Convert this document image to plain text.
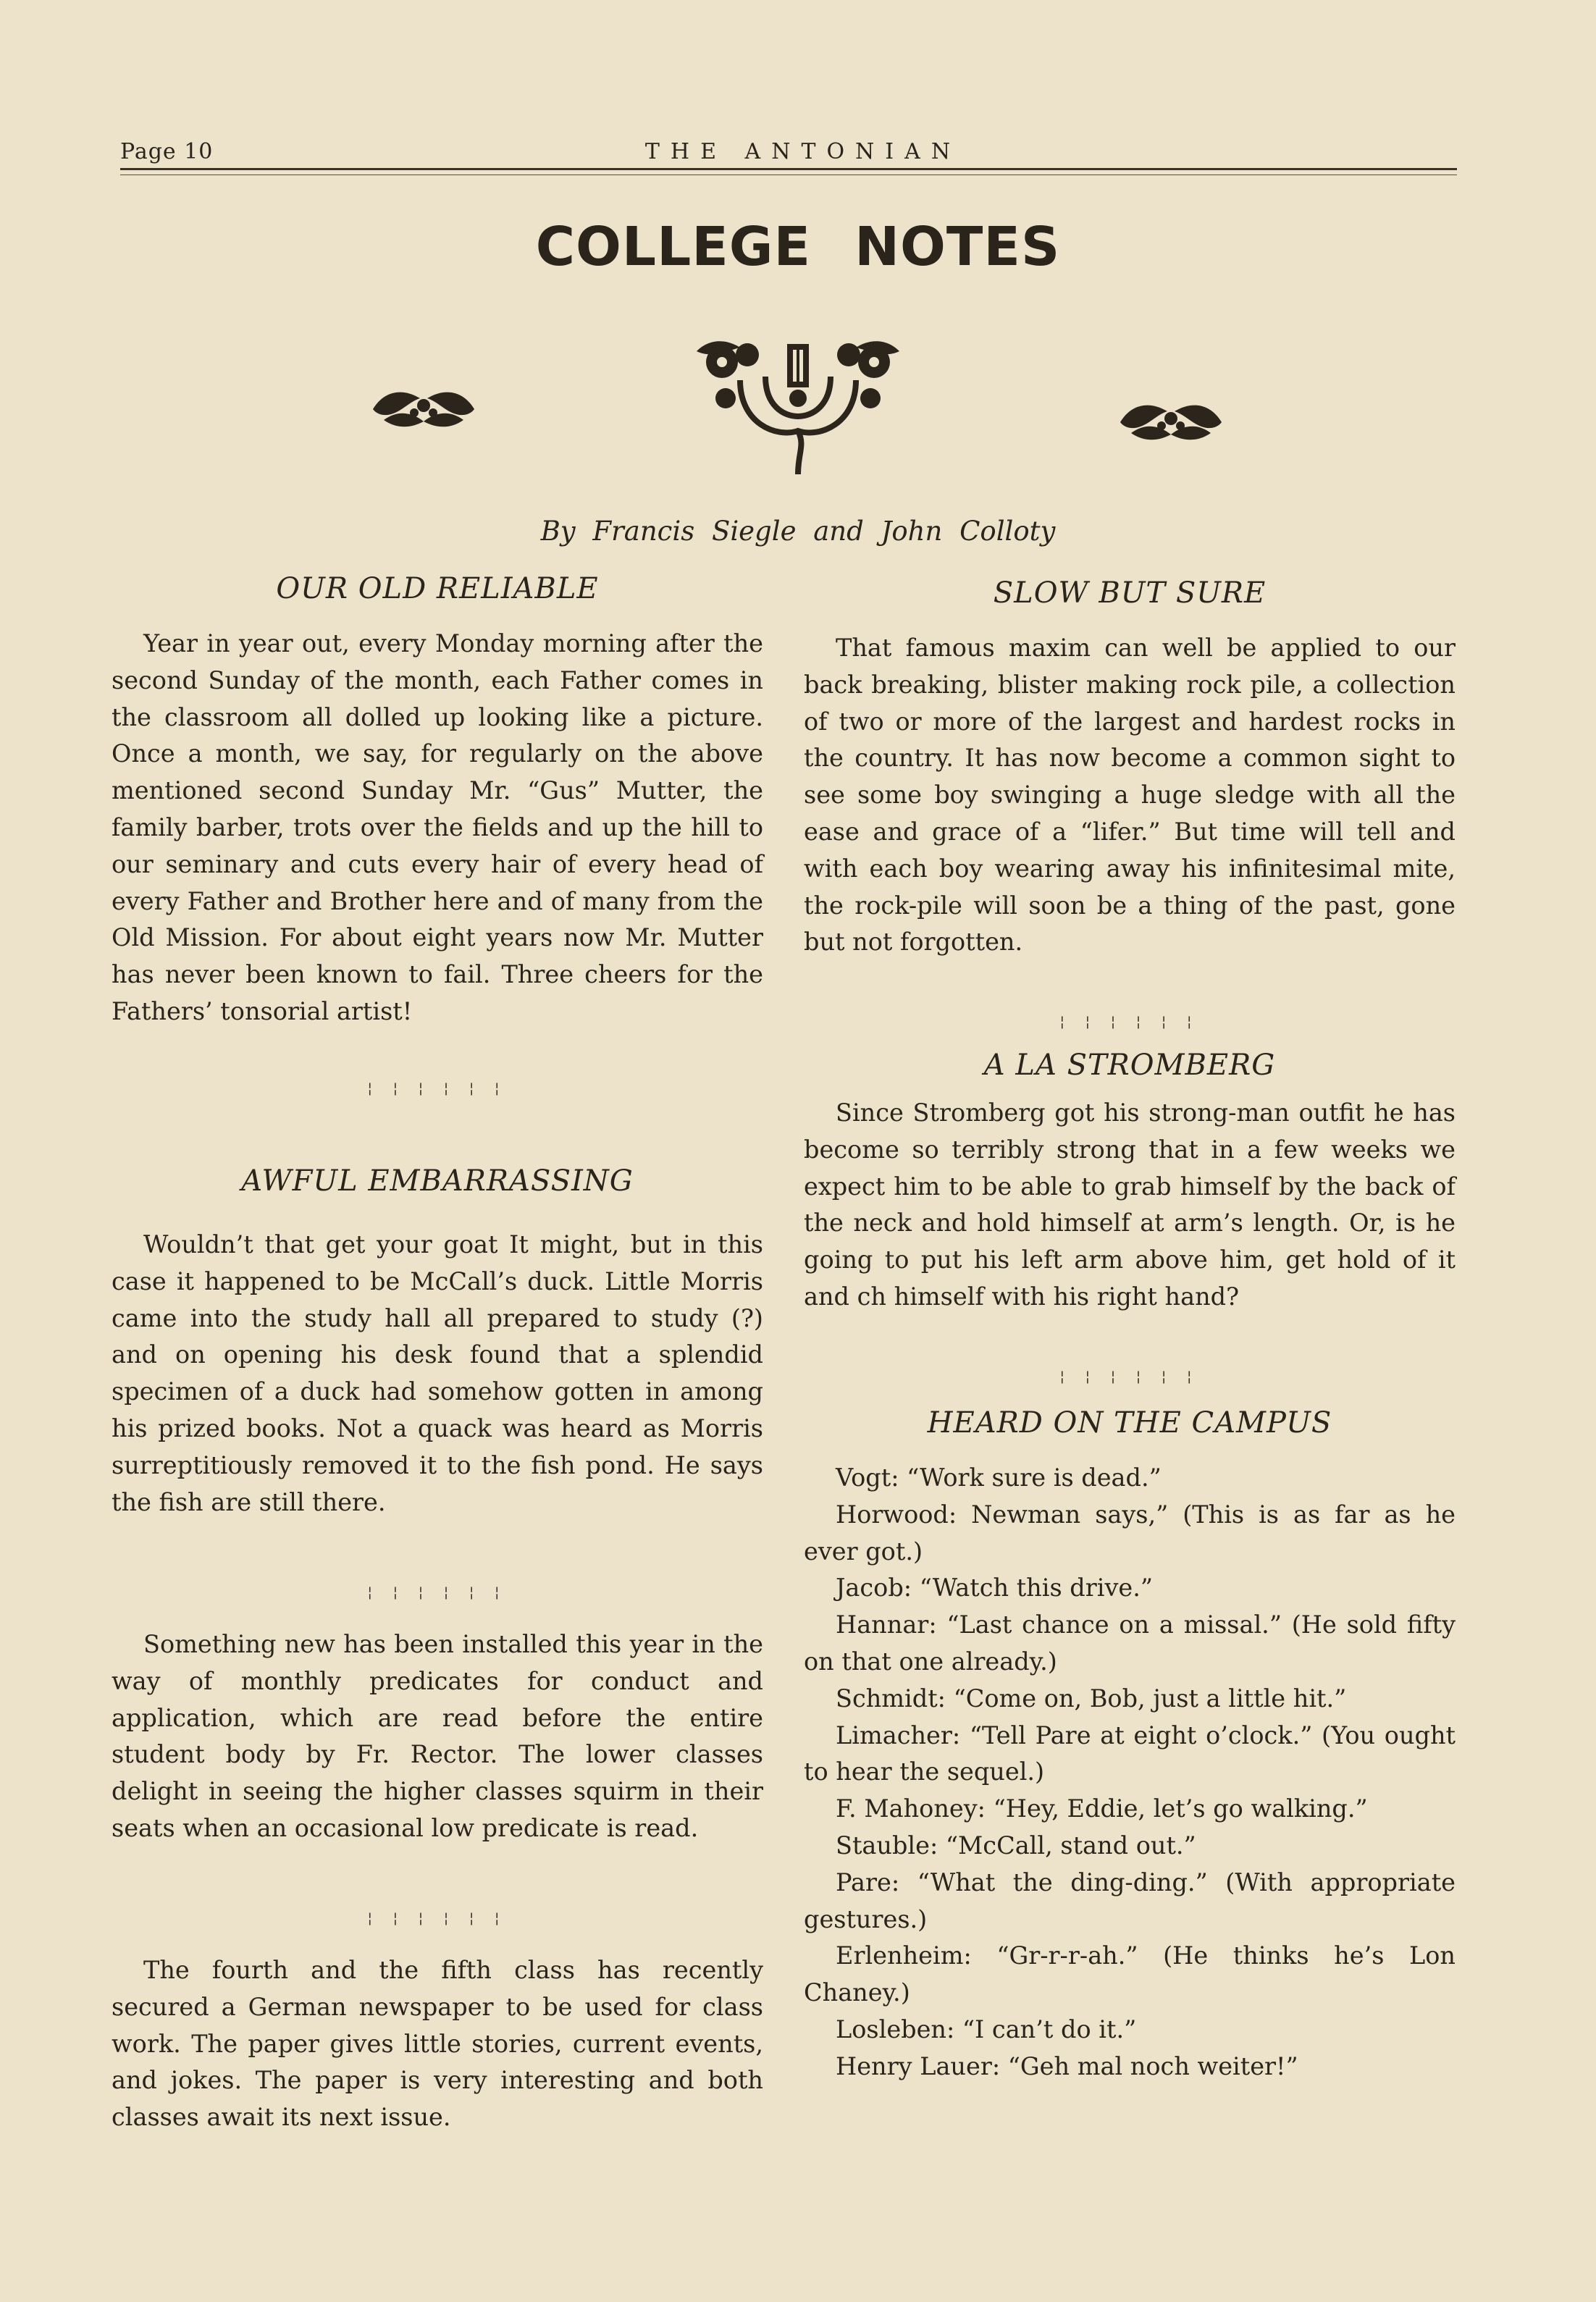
Page 10	THE ANTONIAN
COLLEGE NOTES
By Francis Siegle and John Colloty
OUR OLD RELIABLE

Year in year out, every Monday morning after the second Sunday of the month, each Father comes in the classroom all dolled up looking like a picture. Once a month, we say, for regularly on the above mentioned second Sunday Mr. “Gus” Mutter, the family barber, trots over the fields and up the hill to our seminary and cuts every hair of every head of every Father and Brother here and of many from the Old Mission. For about eight years now Mr. Mutter has never been known to fail. Three cheers for the Fathers’ tonsorial artist!

¦ ¦ ¦ ¦ ¦ ¦
AWFUL EMBARRASSING

Wouldn’t that get your goat It might, but in this case it happened to be McCall’s duck. Little Morris came into the study hall all prepared to study (?) and on opening his desk found that a splendid specimen of a duck had somehow gotten in among his prized books. Not a quack was heard as Morris surreptitiously removed it to the fish pond. He says the fish are still there.

¦ ¦ ¦ ¦ ¦ ¦

Something new has been installed this year in the way of monthly predicates for conduct and application, which are read before the entire student body by Fr. Rector. The lower classes delight in seeing the higher classes squirm in their seats when an occasional low predicate is read.

¦ ¦ ¦ ¦ ¦ ¦

The fourth and the fifth class has recently secured a German newspaper to be used for class work. The paper gives little stories, current events, and jokes. The paper is very interesting and both classes await its next issue.

SLOW BUT SURE

That famous maxim can well be applied to our back breaking, blister making rock pile, a collection of two or more of the largest and hardest rocks in the country. It has now become a common sight to see some boy swinging a huge sledge with all the ease and grace of a “lifer.” But time will tell and with each boy wearing away his infinitesimal mite, the rock-pile will soon be a thing of the past, gone but not forgotten.

¦ ¦ ¦ ¦ ¦ ¦
A LA STROMBERG

Since Stromberg got his strong-man outfit he has become so terribly strong that in a few weeks we expect him to be able to grab himself by the back of the neck and hold himself at arm’s length. Or, is he going to put his left arm above him, get hold of it and ch himself with his right hand?

¦ ¦ ¦ ¦ ¦ ¦
HEARD ON THE CAMPUS
Vogt: “Work sure is dead.”
Horwood: Newman says,” (This is as far as he ever got.)
Jacob: “Watch this drive.”
Hannar: “Last chance on a missal.” (He sold fifty on that one already.)
Schmidt: “Come on, Bob, just a little hit.”
Limacher: “Tell Pare at eight o’clock.” (You ought to hear the sequel.)
F. Mahoney: “Hey, Eddie, let’s go walking.”
Stauble: “McCall, stand out.”
Pare: “What the ding-ding.” (With appropriate gestures.)
Erlenheim: “Gr-r-r-ah.” (He thinks he’s Lon Chaney.)
Losleben: “I can’t do it.”
Henry Lauer: “Geh mal noch weiter!”
